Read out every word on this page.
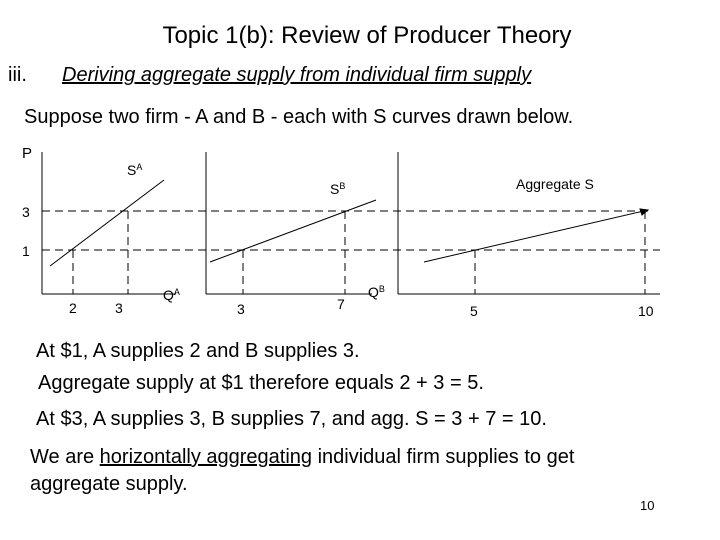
Topic 1(b): Review of Producer Theory
iii. Deriving aggregate supply from individual firm supply
Suppose two firm - A and B - each with S curves drawn below.
P
3
1
$S^A$
$Q^A$
2	3
$S^B$
$Q^B$
3	7
Aggregate S
5	10
At $1, A supplies 2 and B supplies 3.
Aggregate supply at $1 therefore equals 2 + 3 = 5.
At $3, A supplies 3, B supplies 7, and agg. S = 3 + 7 = 10.
We are horizontally aggregating individual firm supplies to get
aggregate supply.
10
